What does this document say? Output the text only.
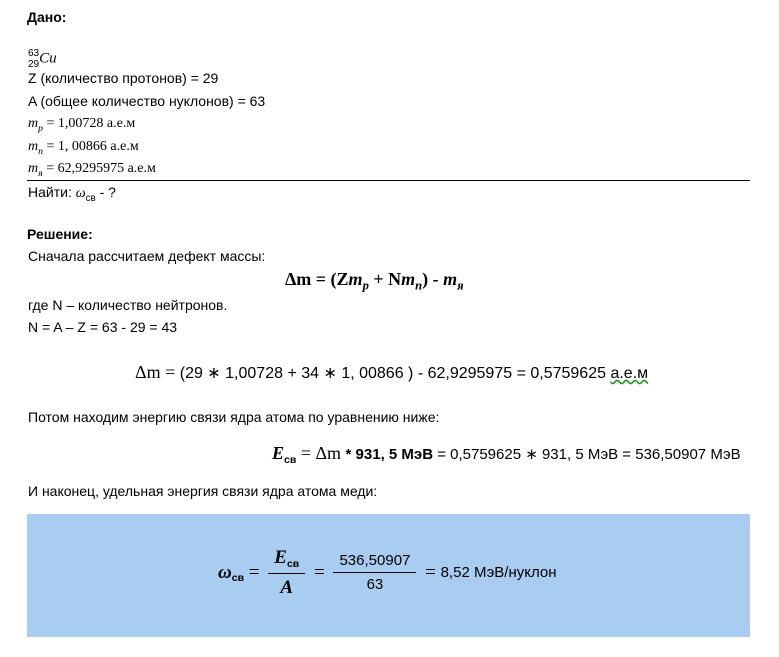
Дано:
63
29 Cu
Z (количество протонов) = 29
A (общее количество нуклонов) = 63
$m_p = 1,00728$ а.е.м
$m_n = 1$, 00866 а.е.м
$m_я = 62,9295975$ а.е.м
Найти: $\omega_{св}$ - ?
Решение:
Сначала рассчитаем дефект массы:
$\Delta m = (Zm_p + Nm_n) - m_я$
где N – количество нейтронов.
N = A – Z = 63 - 29 = 43
Δm = (29 ∗ 1,00728 + 34 ∗ 1, 00866 ) - 62,9295975 = 0,5759625 а.е.м
Потом находим энергию связи ядра атома по уравнению ниже:
$E_{св} = \Delta m * 931$, 5 МэВ = 0,5759625 ∗ 931, 5 МэВ = 536,50907 МэВ
И наконец, удельная энергия связи ядра атома меди:
$\omega_{св} = \frac{E_{св}}{A} = \frac{536,50907}{63} = 8,52$ МэВ/нуклон
